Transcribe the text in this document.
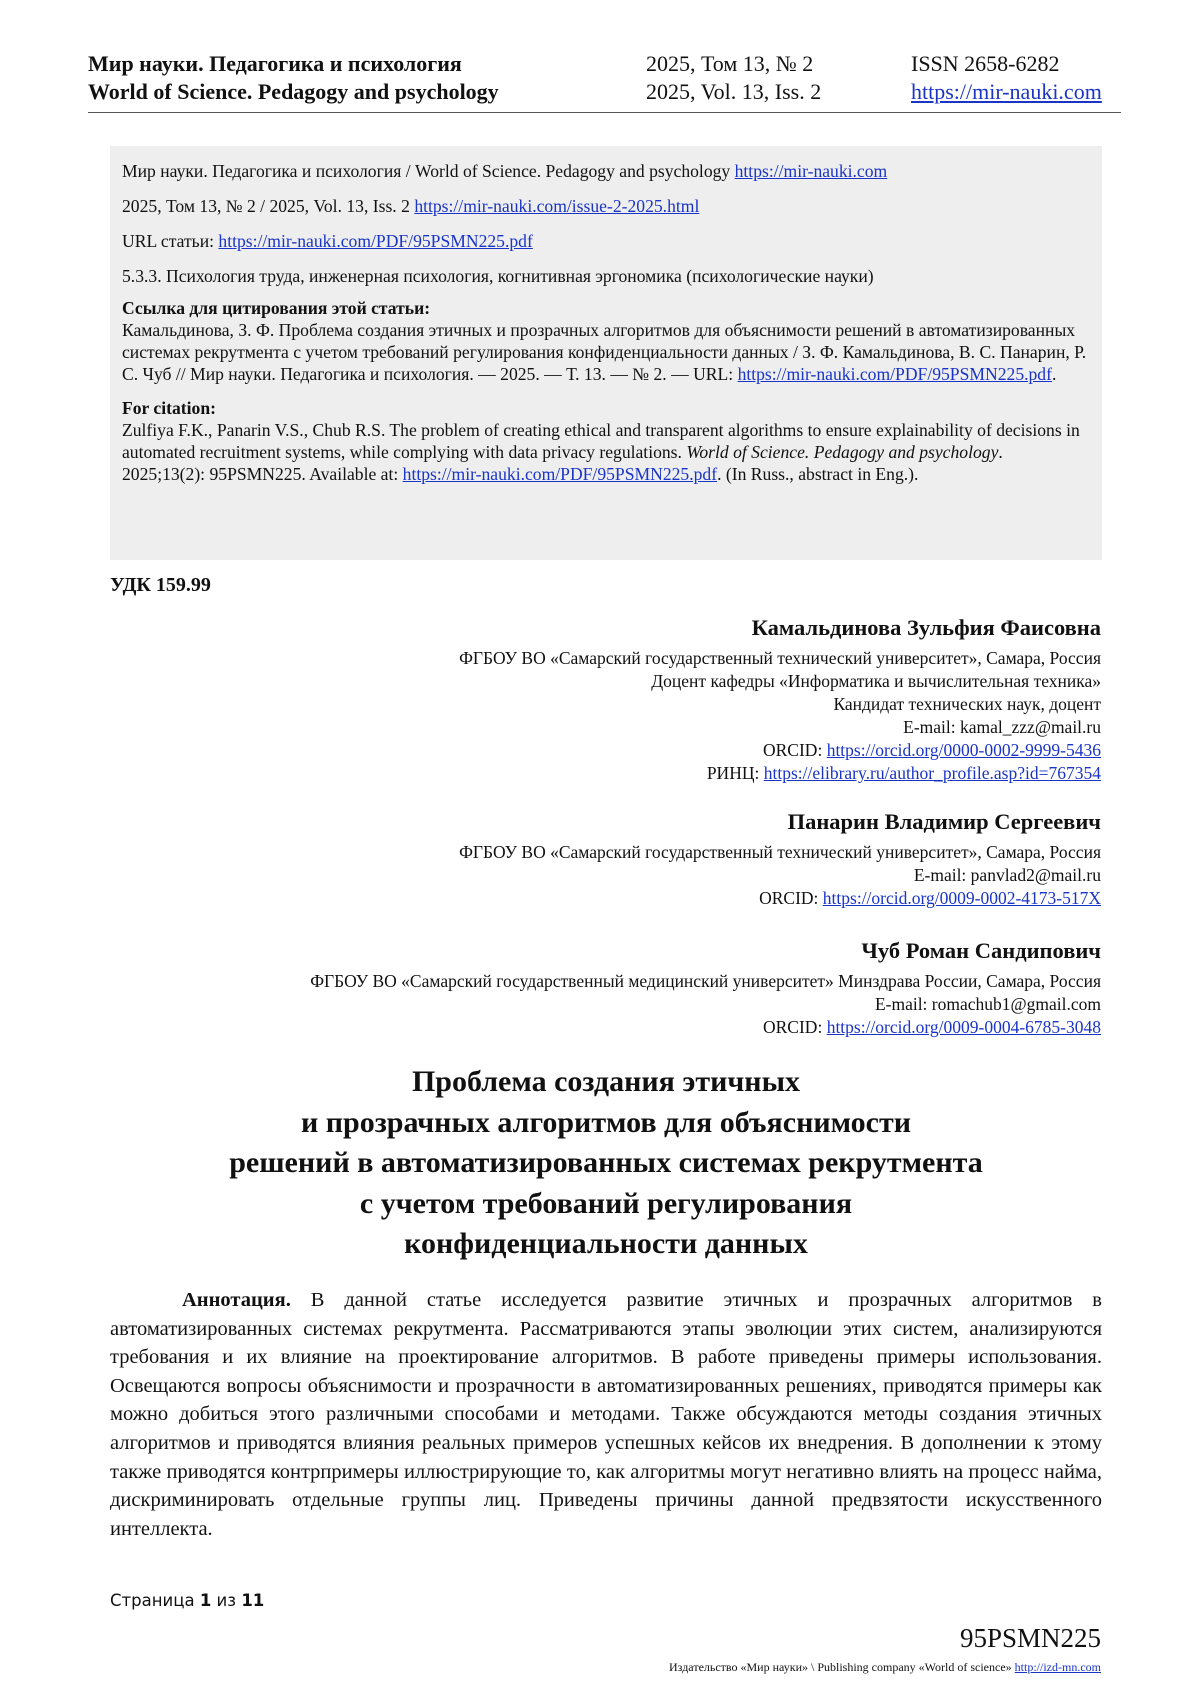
Мир науки. Педагогика и психология
World of Science. Pedagogy and psychology
2025, Том 13, № 2
2025, Vol. 13, Iss. 2
ISSN 2658-6282
https://mir-nauki.com

Мир науки. Педагогика и психология / World of Science. Pedagogy and psychology https://mir-nauki.com

2025, Том 13, № 2 / 2025, Vol. 13, Iss. 2 https://mir-nauki.com/issue-2-2025.html

URL статьи: https://mir-nauki.com/PDF/95PSMN225.pdf

5.3.3. Психология труда, инженерная психология, когнитивная эргономика (психологические науки)

Ссылка для цитирования этой статьи:
Камальдинова, З. Ф. Проблема создания этичных и прозрачных алгоритмов для объяснимости решений в автоматизированных системах рекрутмента с учетом требований регулирования конфиденциальности данных / З. Ф. Камальдинова, В. С. Панарин, Р. С. Чуб // Мир науки. Педагогика и психология. — 2025. — Т. 13. — № 2. — URL: https://mir-nauki.com/PDF/95PSMN225.pdf.
For citation:
Zulfiya F.K., Panarin V.S., Chub R.S. The problem of creating ethical and transparent algorithms to ensure explainability of decisions in automated recruitment systems, while complying with data privacy regulations. World of Science. Pedagogy and psychology. 2025;13(2): 95PSMN225. Available at: https://mir-nauki.com/PDF/95PSMN225.pdf. (In Russ., abstract in Eng.).
УДК 159.99
Камальдинова Зульфия Фаисовна
ФГБОУ ВО «Самарский государственный технический университет», Самара, Россия
Доцент кафедры «Информатика и вычислительная техника»
Кандидат технических наук, доцент
E-mail: kamal_zzz@mail.ru
ORCID: https://orcid.org/0000-0002-9999-5436
РИНЦ: https://elibrary.ru/author_profile.asp?id=767354
Панарин Владимир Сергеевич
ФГБОУ ВО «Самарский государственный технический университет», Самара, Россия
E-mail: panvlad2@mail.ru
ORCID: https://orcid.org/0009-0002-4173-517X
Чуб Роман Сандипович
ФГБОУ ВО «Самарский государственный медицинский университет» Минздрава России, Самара, Россия
E-mail: romachub1@gmail.com
ORCID: https://orcid.org/0009-0004-6785-3048
Проблема создания этичных
и прозрачных алгоритмов для объяснимости
решений в автоматизированных системах рекрутмента
с учетом требований регулирования
конфиденциальности данных
Аннотация. В данной статье исследуется развитие этичных и прозрачных алгоритмов в автоматизированных системах рекрутмента. Рассматриваются этапы эволюции этих систем, анализируются требования и их влияние на проектирование алгоритмов. В работе приведены примеры использования. Освещаются вопросы объяснимости и прозрачности в автоматизированных решениях, приводятся примеры как можно добиться этого различными способами и методами. Также обсуждаются методы создания этичных алгоритмов и приводятся влияния реальных примеров успешных кейсов их внедрения. В дополнении к этому также приводятся контрпримеры иллюстрирующие то, как алгоритмы могут негативно влиять на процесс найма, дискриминировать отдельные группы лиц. Приведены причины данной предвзятости искусственного интеллекта.
Страница 1 из 11
95PSMN225
Издательство «Мир науки» \ Publishing company «World of science» http://izd-mn.com
